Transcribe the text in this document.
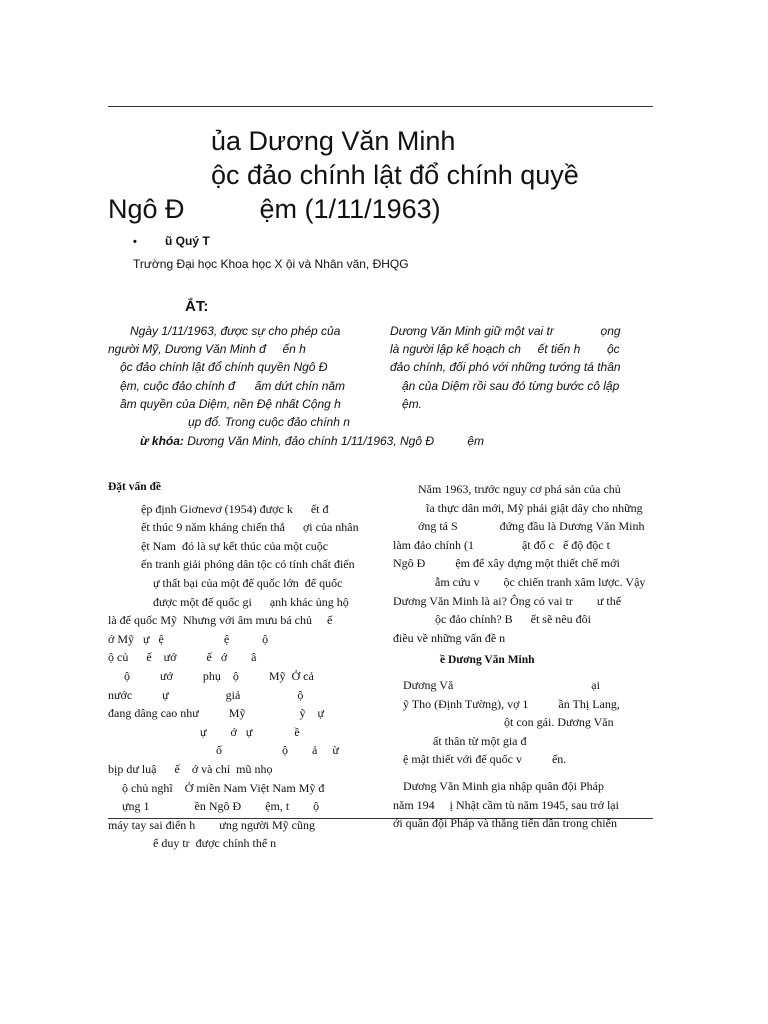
ủa Dương Văn Minh
ộc đảo chính lật đổ chính quyề
Ngô Đ          ệm (1/11/1963)
• ũ Quý T
Trường Đại học Khoa học X ội và Nhân văn, ĐHQG
ẮT:
Ngày 1/11/1963, được sự cho phép của
người Mỹ, Dương Văn Minh đ     ến h
ộc đảo chính lật đổ chính quyền Ngô Đ
ệm, cuộc đảo chính đ      ấm dứt chín năm
ầm quyền của Diệm, nền Đệ nhất Cộng h
ụp đổ. Trong cuộc đảo chính n
Dương Văn Minh giữ một vai tr              ọng
là người lập kế hoạch ch     ết tiến h        ộc
đảo chính, đối phó với những tướng tá thân
ận của Diệm rồi sau đó từng bước cô lập
ệm.
ừ khóa: Dương Văn Minh, đảo chính 1/11/1963, Ngô Đ          ệm
Đặt vấn đề
ệp định Giơnevơ (1954) được k      ết đ
ết thúc 9 năm kháng chiến thắ      ợi của nhân
ệt Nam  đó là sự kết thúc của một cuộc
ến tranh giải phóng dân tộc có tính chất điển
ự thất bại của một đế quốc lớn  để quốc
được một đế quốc gi      ạnh khác ủng hộ
là đế quốc Mỹ  Nhưng với âm mưu bá chủ     ế
ớ Mỹ   ự   ệ                    ệ           ộ
ộ củ      ế    ướ          ế   ớ        â
ộ          ướ          phụ    ộ          Mỹ  Ở cả
nước          ự                   giả                   ộ
đang dâng cao như          Mỹ                  ỹ    ự
ự        ớ   ự              ề
ố                    ộ        ả     ừ
bịp dư luậ      ế    ớ và chỉ  mũ nhọ
ộ chủ nghĩ    Ở miền Nam Việt Nam Mỹ đ
ựng 1               ền Ngô Đ        ệm, t        ộ
máy tay sai điển h        ưng người Mỹ cũng
ể duy tr  được chính thể n
Năm 1963, trước nguy cơ phá sản của chủ
ĩa thực dân mới, Mỹ phải giật dây cho những
ớng tá S              đứng đầu là Dương Văn Minh
làm đảo chính (1                ật đổ c   ế độ độc t
Ngô Đ          ệm để xây dựng một thiết chế mới
ẫm cứu v        ộc chiến tranh xâm lược. Vậy
Dương Văn Minh là ai? Ông có vai tr        ư thế
ộc đảo chính? B      ết sẽ nêu đôi
điều về những vấn đề n
ề Dương Văn Minh
Dương Vă                                              ại
ỹ Tho (Định Tường), vợ 1          ần Thị Lang,
ột con gái. Dương Văn
ất thân từ một gia đ
ệ mật thiết với đế quốc v          ến.
Dương Văn Minh gia nhập quân đội Pháp
năm 194     ị Nhật cầm tù năm 1945, sau trở lại
ới quân đội Pháp và thăng tiến dần trong chiến
